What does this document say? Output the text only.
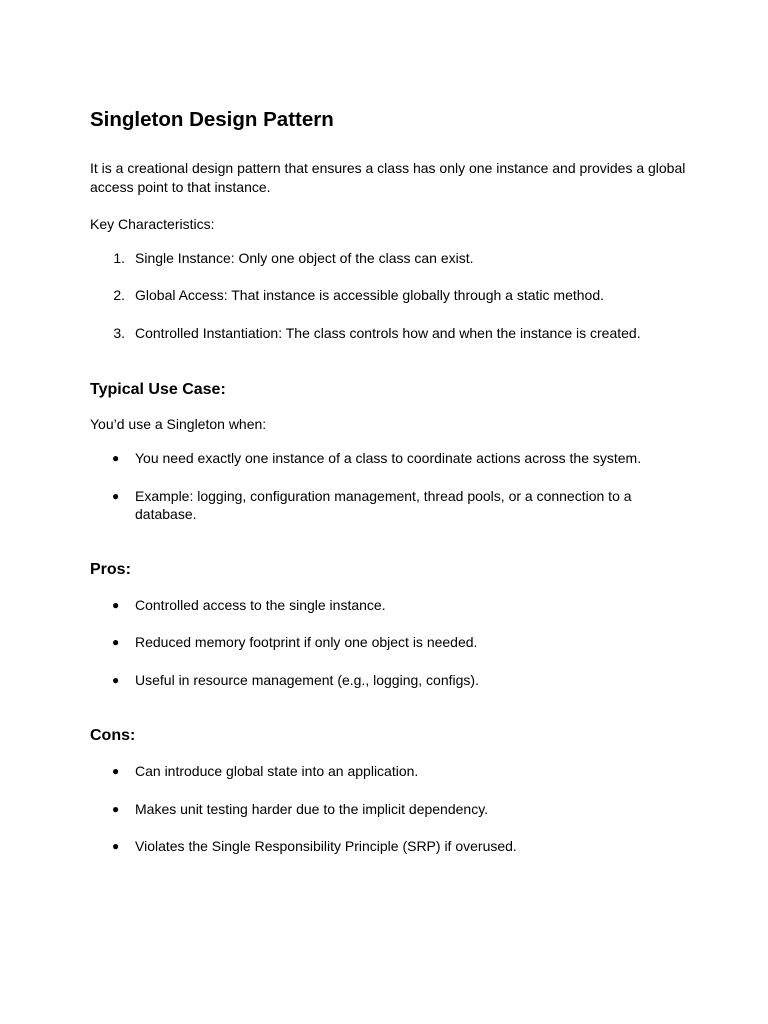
Singleton Design Pattern

It is a creational design pattern that ensures a class has only one instance and provides a global access point to that instance.

Key Characteristics:

1. Single Instance: Only one object of the class can exist.
2. Global Access: That instance is accessible globally through a static method.
3. Controlled Instantiation: The class controls how and when the instance is created.
Typical Use Case:

You’d use a Singleton when:

● You need exactly one instance of a class to coordinate actions across the system.
● Example: logging, configuration management, thread pools, or a connection to a database.
Pros:
● Controlled access to the single instance.
● Reduced memory footprint if only one object is needed.
● Useful in resource management (e.g., logging, configs).
Cons:
● Can introduce global state into an application.
● Makes unit testing harder due to the implicit dependency.
● Violates the Single Responsibility Principle (SRP) if overused.
